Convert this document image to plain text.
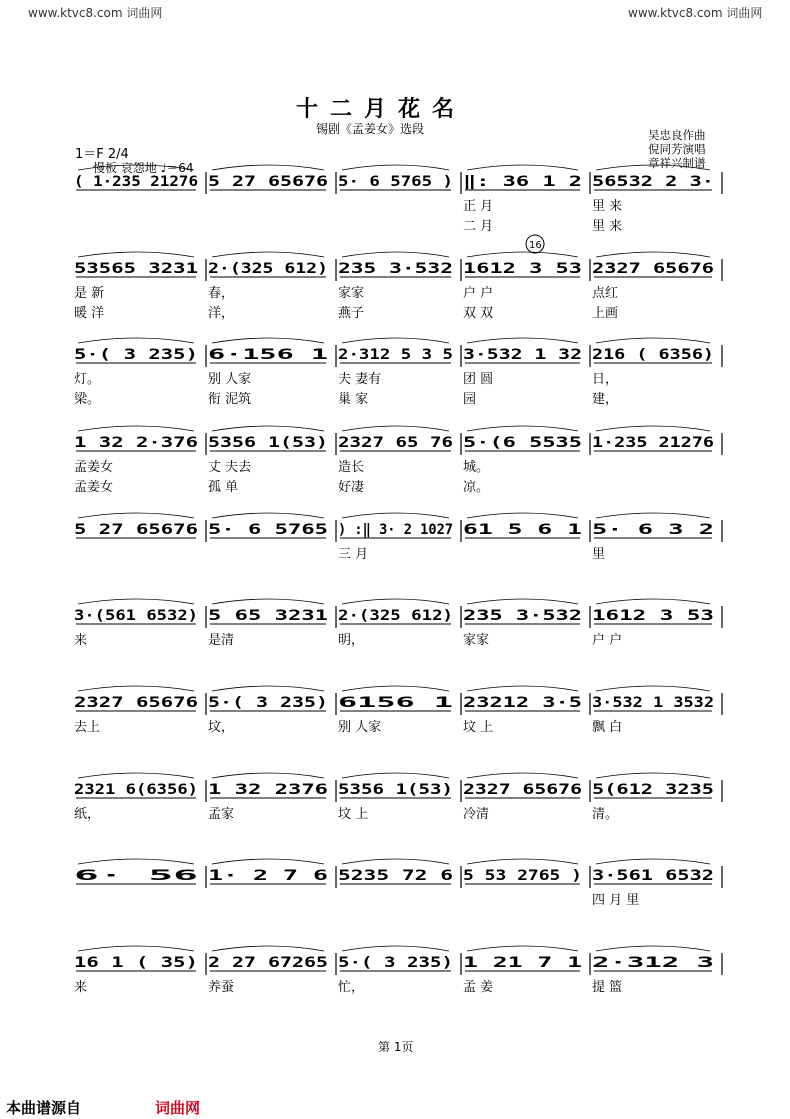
www.ktvc8.com 词曲网	www.ktvc8.com 词曲网
十二月花名
锡剧《孟姜女》选段	吴忠良作曲
倪同芳演唱
章祥兴制谱
1＝F 2/4
慢板 哀怨地 ♩＝64
( 1·235 21276 5 27 65676 5· 6 5765 ) ‖: 36 1 2 56532 2 3·
正 月	里 来
二 月	里 来
53565 3231 2·(325 612) 235 3·532 1612 3 53 2327 65676
是 新	春，	家家	户 户	点红
暖 洋	洋，	燕子	双 双	上画
16
5·( 3 235) 6·156 1 2·312 5 3 5 3·532 1 32 216 ( 6356)
灯。	别 人家	夫 妻有	团 圆	日，
梁。	衔 泥筑	巢 家	园	建，
1 32 2·376 5356 1(53) 2327 65 76 5·(6 5535 1·235 21276
孟姜女	丈 夫去	造长	城。
孟姜女	孤 单	好凄	凉。
5 27 65676 5· 6 5765 ) :‖ 3· 2 1027 61 5 6 1 5· 6 3 2
三 月	里
3·(561 6532) 5 65 3231 2·(325 612) 235 3·532 1612 3 53
来	是清	明，	家家	户 户
2327 65676 5·( 3 235) 6156 1 23212 3·5 3·532 1 3532
去上	坟，	别 人家	坟 上	飘 白
2321 6(6356) 1 32 2376 5356 1(53) 2327 65676 5(612 3235
纸，	孟家	坟 上	冷清	清。
6· 56 1· 2 7 6 5235 72 6 5 53 2765 ) 3·561 6532
四 月 里
16 1 ( 35) 2 27 67265 5·( 3 235) 1 21 7 1 2·312 3
来	养蚕	忙，	孟 姜	提 篮
第 1页
本曲谱源自	词曲网
